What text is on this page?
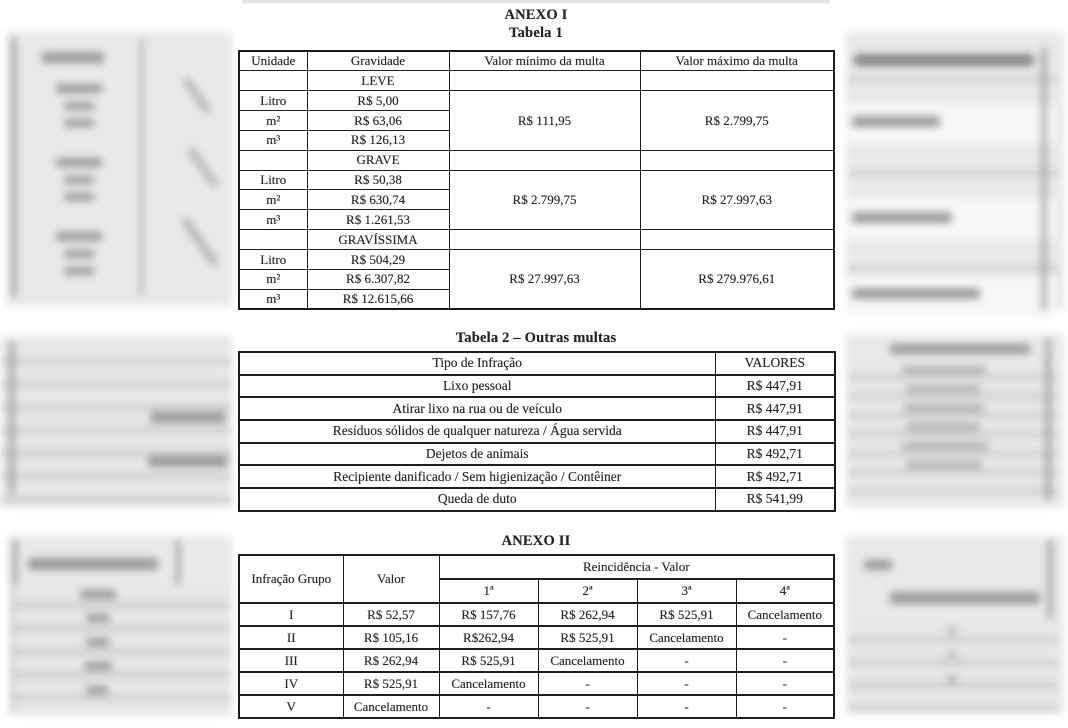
ANEXO I
Tabela 1
Unidade	Gravidade	Valor mínimo da multa	Valor máximo da multa
	LEVE		
Litro	R$ 5,00	R$ 111,95	R$ 2.799,75
m²	R$ 63,06		
m³	R$ 126,13		
	GRAVE		
Litro	R$ 50,38	R$ 2.799,75	R$ 27.997,63
m²	R$ 630,74		
m³	R$ 1.261,53		
	GRAVÍSSIMA		
Litro	R$ 504,29	R$ 27.997,63	R$ 279.976,61
m²	R$ 6.307,82		
m³	R$ 12.615,66		
Tabela 2 – Outras multas
Tipo de Infração	VALORES
Lixo pessoal	R$ 447,91
Atirar lixo na rua ou de veículo	R$ 447,91
Resíduos sólidos de qualquer natureza / Água servida	R$ 447,91
Dejetos de animais	R$ 492,71
Recipiente danificado / Sem higienização / Contêiner	R$ 492,71
Queda de duto	R$ 541,99
ANEXO II
Infração Grupo	Valor	Reincidência - Valor			
		1ª	2ª	3ª	4ª
I	R$ 52,57	R$ 157,76	R$ 262,94	R$ 525,91	Cancelamento
II	R$ 105,16	R$262,94	R$ 525,91	Cancelamento	-
III	R$ 262,94	R$ 525,91	Cancelamento	-	-
IV	R$ 525,91	Cancelamento	-	-	-
V	Cancelamento	-	-	-	-
